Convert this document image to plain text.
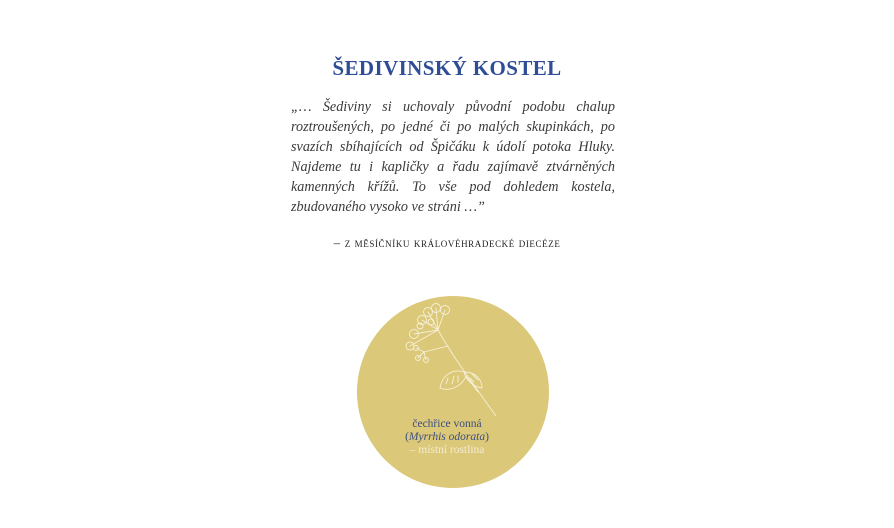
ŠEDIVINSKÝ KOSTEL

„… Šediviny si uchovaly původní podobu chalup roztroušených, po jedné či po malých skupinkách, po svazích sbíhajících od Špičáku k údolí potoka Hluky. Najdeme tu i kapličky a řadu zajímavě ztvárněných kamenných křížů. To vše pod dohledem kostela, zbudovaného vysoko ve stráni …”

– z měsíčníku královéhradecké diecéze

čechřice vonná
(Myrrhis odorata)
– místní rostlina
